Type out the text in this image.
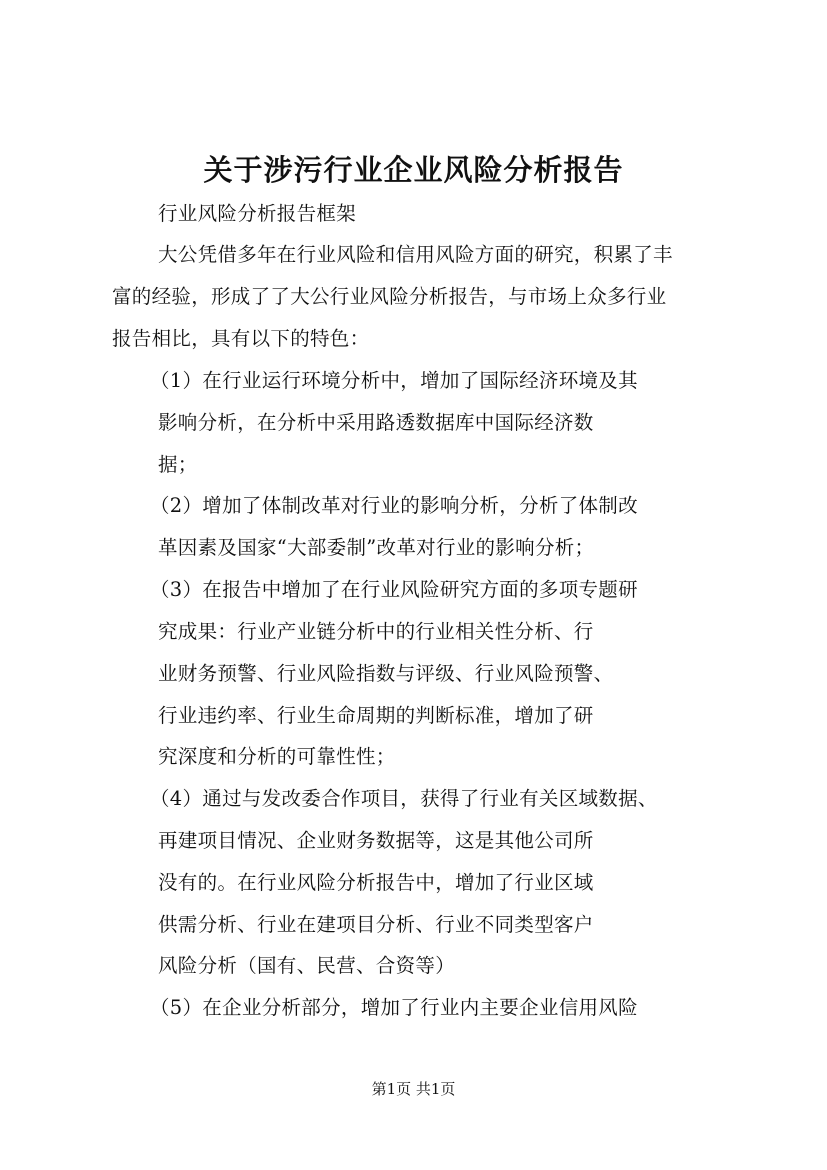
关于涉污行业企业风险分析报告
行业风险分析报告框架
大公凭借多年在行业风险和信用风险方面的研究，积累了丰
富的经验，形成了了大公行业风险分析报告，与市场上众多行业
报告相比，具有以下的特色：
（1）在行业运行环境分析中，增加了国际经济环境及其
影响分析，在分析中采用路透数据库中国际经济数
据；
（2）增加了体制改革对行业的影响分析，分析了体制改
革因素及国家“大部委制”改革对行业的影响分析；
（3）在报告中增加了在行业风险研究方面的多项专题研
究成果：行业产业链分析中的行业相关性分析、行
业财务预警、行业风险指数与评级、行业风险预警、
行业违约率、行业生命周期的判断标准，增加了研
究深度和分析的可靠性性；
（4）通过与发改委合作项目，获得了行业有关区域数据、
再建项目情况、企业财务数据等，这是其他公司所
没有的。在行业风险分析报告中，增加了行业区域
供需分析、行业在建项目分析、行业不同类型客户
风险分析（国有、民营、合资等）
（5）在企业分析部分，增加了行业内主要企业信用风险
第1页 共1页
